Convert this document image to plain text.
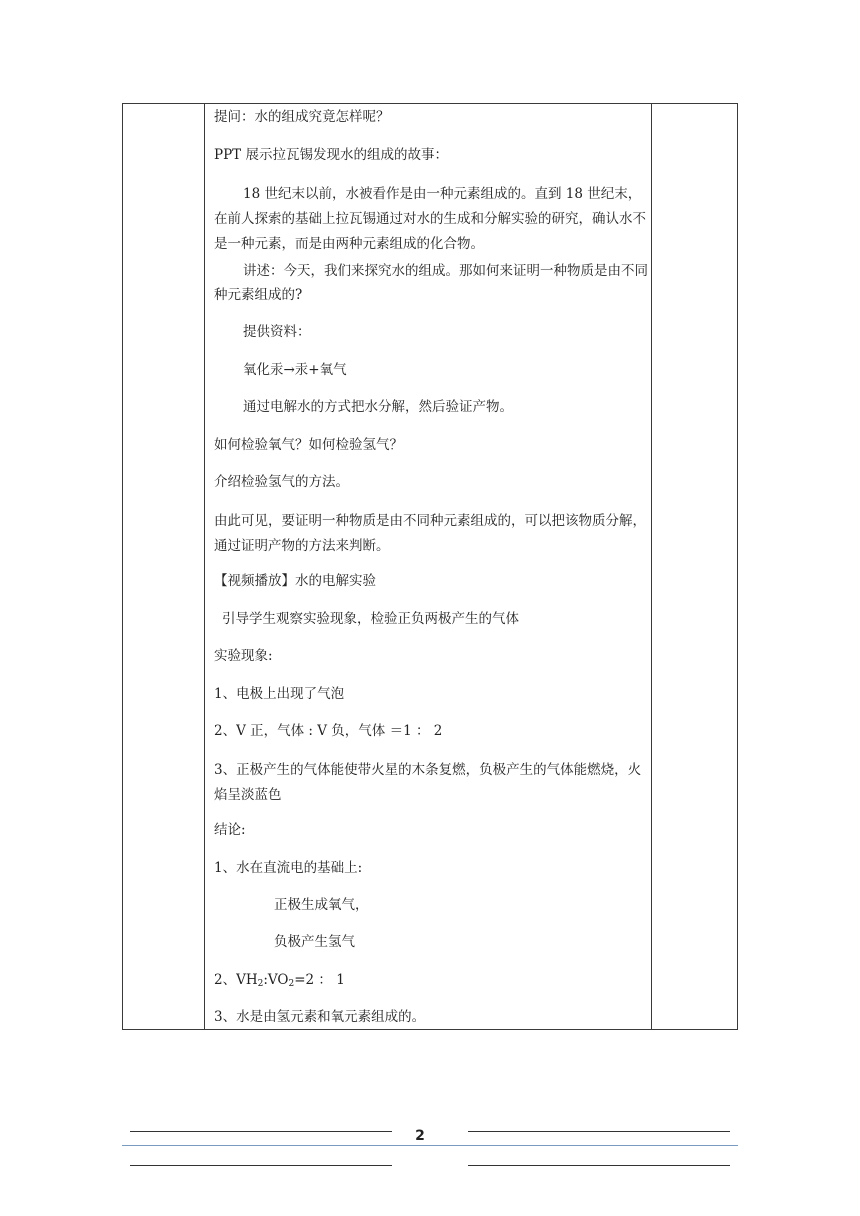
提问：水的组成究竟怎样呢？
PPT 展示拉瓦锡发现水的组成的故事：
18 世纪末以前，水被看作是由一种元素组成的。直到 18 世纪末，在前人探索的基础上拉瓦锡通过对水的生成和分解实验的研究，确认水不是一种元素，而是由两种元素组成的化合物。
讲述：今天，我们来探究水的组成。那如何来证明一种物质是由不同种元素组成的?
提供资料：
氧化汞→汞+氧气
通过电解水的方式把水分解，然后验证产物。
如何检验氧气？如何检验氢气？
介绍检验氢气的方法。
由此可见，要证明一种物质是由不同种元素组成的，可以把该物质分解，通过证明产物的方法来判断。
【视频播放】水的电解实验
引导学生观察实验现象，检验正负两极产生的气体
实验现象:
1、电极上出现了气泡
2、V 正，气体 : V 负，气体 ＝1 ： 2
3、正极产生的气体能使带火星的木条复燃，负极产生的气体能燃烧，火焰呈淡蓝色
结论:
1、水在直流电的基础上:
正极生成氧气，
负极产生氢气
2、$VH_2:VO_2=2$ ： 1
3、水是由氢元素和氧元素组成的。
2
